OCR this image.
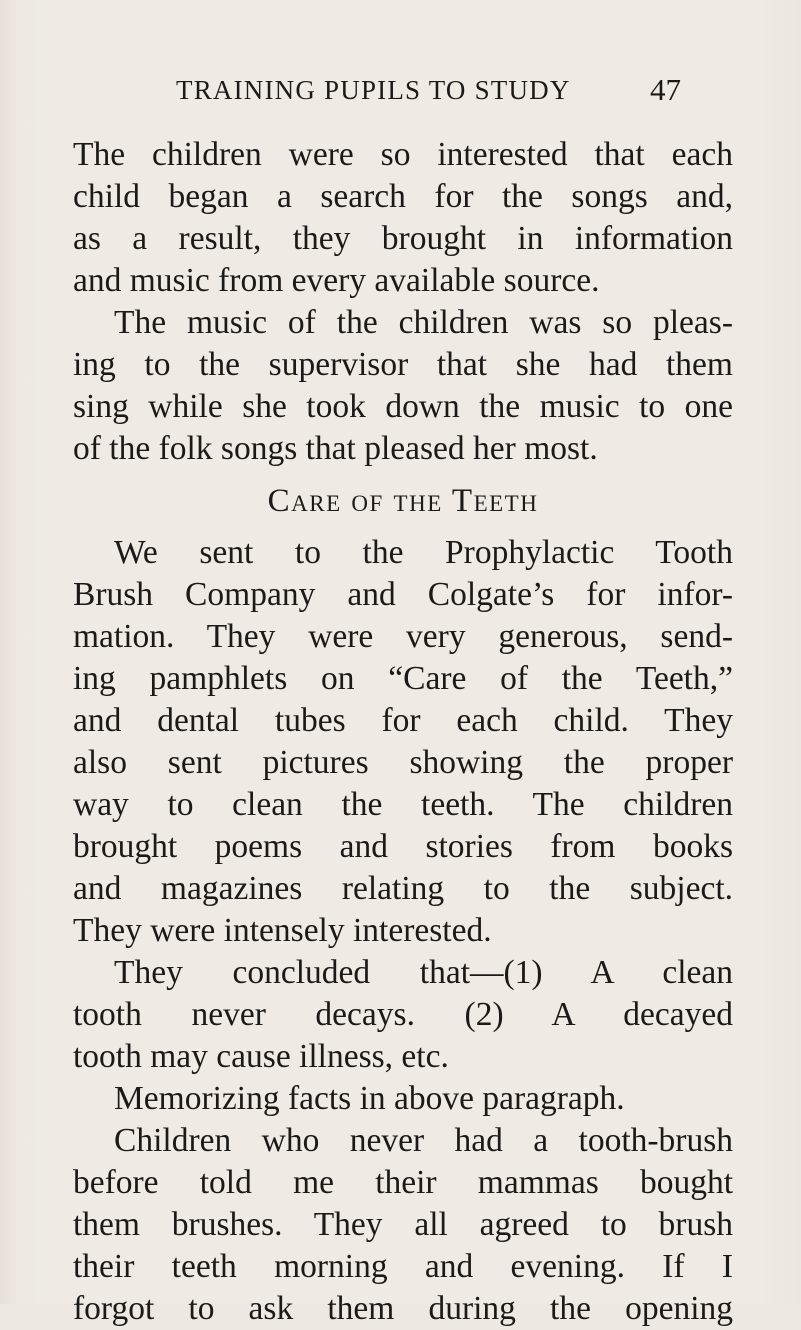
TRAINING PUPILS TO STUDY	47
The children were so interested that each
child began a search for the songs and,
as a result, they brought in information
and music from every available source.
The music of the children was so pleas-
ing to the supervisor that she had them
sing while she took down the music to one
of the folk songs that pleased her most.
Care of the Teeth
We sent to the Prophylactic Tooth
Brush Company and Colgate’s for infor-
mation. They were very generous, send-
ing pamphlets on “Care of the Teeth,”
and dental tubes for each child. They
also sent pictures showing the proper
way to clean the teeth. The children
brought poems and stories from books
and magazines relating to the subject.
They were intensely interested.
They concluded that—(1) A clean
tooth never decays. (2) A decayed
tooth may cause illness, etc.
Memorizing facts in above paragraph.
Children who never had a tooth-brush
before told me their mammas bought
them brushes. They all agreed to brush
their teeth morning and evening. If I
forgot to ask them during the opening
